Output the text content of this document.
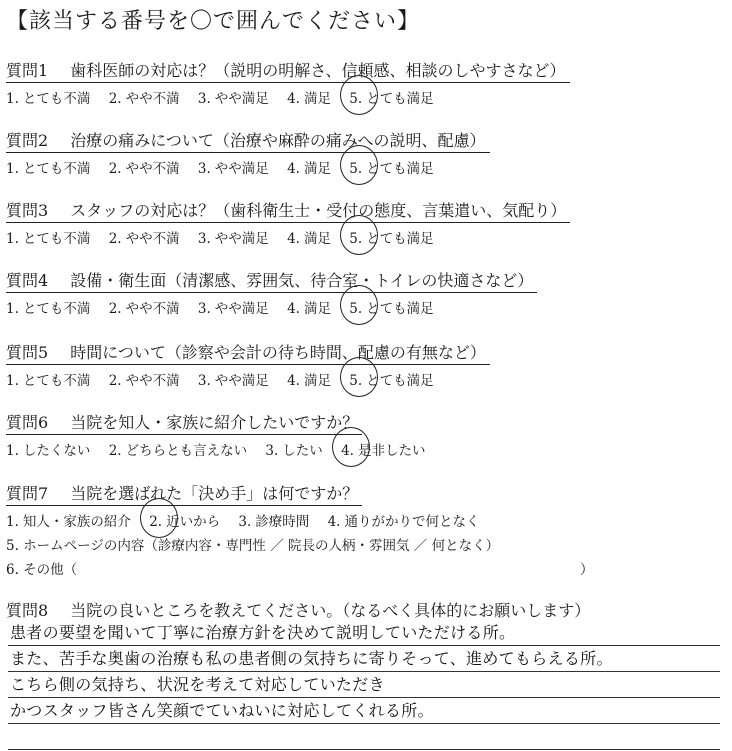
【該当する番号を〇で囲んでください】
質問1 歯科医師の対応は？（説明の明解さ、信頼感、相談のしやすさなど）
1. とても不満 2. やや不満 3. やや満足 4. 満足 5. とても満足
質問2 治療の痛みについて（治療や麻酔の痛みへの説明、配慮）
1. とても不満 2. やや不満 3. やや満足 4. 満足 5. とても満足
質問3 スタッフの対応は？（歯科衛生士・受付の態度、言葉遣い、気配り）
1. とても不満 2. やや不満 3. やや満足 4. 満足 5. とても満足
質問4 設備・衛生面（清潔感、雰囲気、待合室・トイレの快適さなど）
1. とても不満 2. やや不満 3. やや満足 4. 満足 5. とても満足
質問5 時間について（診察や会計の待ち時間、配慮の有無など）
1. とても不満 2. やや不満 3. やや満足 4. 満足 5. とても満足
質問6 当院を知人・家族に紹介したいですか？
1. したくない 2. どちらとも言えない 3. したい 4. 是非したい
質問7 当院を選ばれた「決め手」は何ですか？
1. 知人・家族の紹介 2. 近いから 3. 診療時間 4. 通りがかりで何となく
5. ホームページの内容（診療内容・専門性 ／ 院長の人柄・雰囲気 ／ 何となく）
6. その他（	）
質問8 当院の良いところを教えてください。（なるべく具体的にお願いします）
患者の要望を聞いて丁寧に治療方針を決めて説明していただける所。
また、苦手な奥歯の治療も私の患者側の気持ちに寄りそって、進めてもらえる所。
こちら側の気持ち、状況を考えて対応していただき
かつスタッフ皆さん笑顔でていねいに対応してくれる所。
